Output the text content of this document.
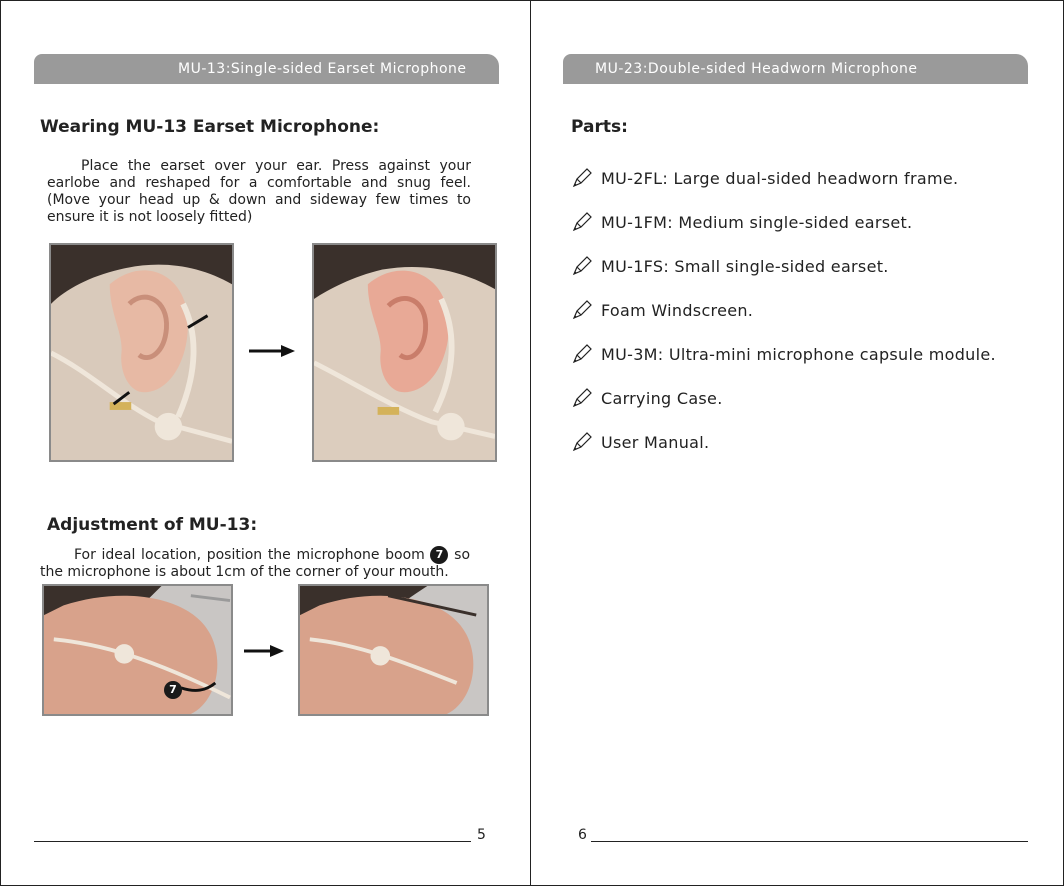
MU-13:Single-sided Earset Microphone
Wearing MU-13 Earset Microphone:
Place the earset over your ear. Press against your earlobe and reshaped for a comfortable and snug feel. (Move your head up & down and sideway few times to ensure it is not loosely fitted)
Adjustment of MU-13:
For ideal location, position the microphone boom 7 so the microphone is about 1cm of the corner of your mouth.
7
5
MU-23:Double-sided Headworn Microphone
Parts:
MU-2FL: Large dual-sided headworn frame.
MU-1FM: Medium single-sided earset.
MU-1FS: Small single-sided earset.
Foam Windscreen.
MU-3M: Ultra-mini microphone capsule module.
Carrying Case.
User Manual.
6
